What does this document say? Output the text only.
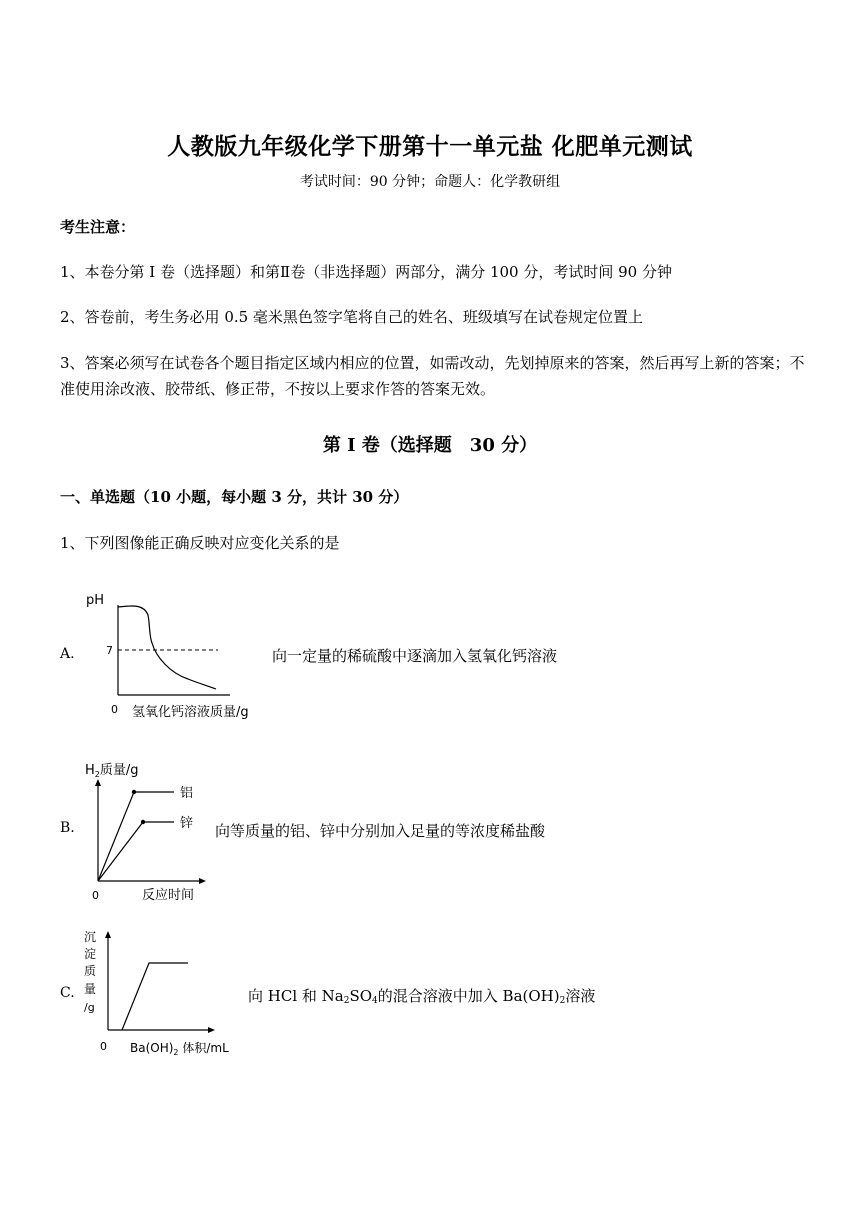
人教版九年级化学下册第十一单元盐 化肥单元测试
考试时间：90 分钟；命题人：化学教研组
考生注意：
1、本卷分第 I 卷（选择题）和第Ⅱ卷（非选择题）两部分，满分 100 分，考试时间 90 分钟
2、答卷前，考生务必用 0.5 毫米黑色签字笔将自己的姓名、班级填写在试卷规定位置上
3、答案必须写在试卷各个题目指定区域内相应的位置，如需改动，先划掉原来的答案，然后再写上新的答案；不准使用涂改液、胶带纸、修正带，不按以上要求作答的答案无效。
第 I 卷（选择题　30 分）
一、单选题（10 小题，每小题 3 分，共计 30 分）
1、下列图像能正确反映对应变化关系的是
A.
pH
7
0 氢氧化钙溶液质量/g
向一定量的稀硫酸中逐滴加入氢氧化钙溶液
B.
$H_2$质量/g
铝
锌
0	反应时间
向等质量的铝、锌中分别加入足量的等浓度稀盐酸
C.
沉
淀
质
量
/g
0 $Ba(OH)_2$ 体积/mL
向 HCl 和 $Na_2SO_4$的混合溶液中加入 $Ba(OH)_2$溶液
